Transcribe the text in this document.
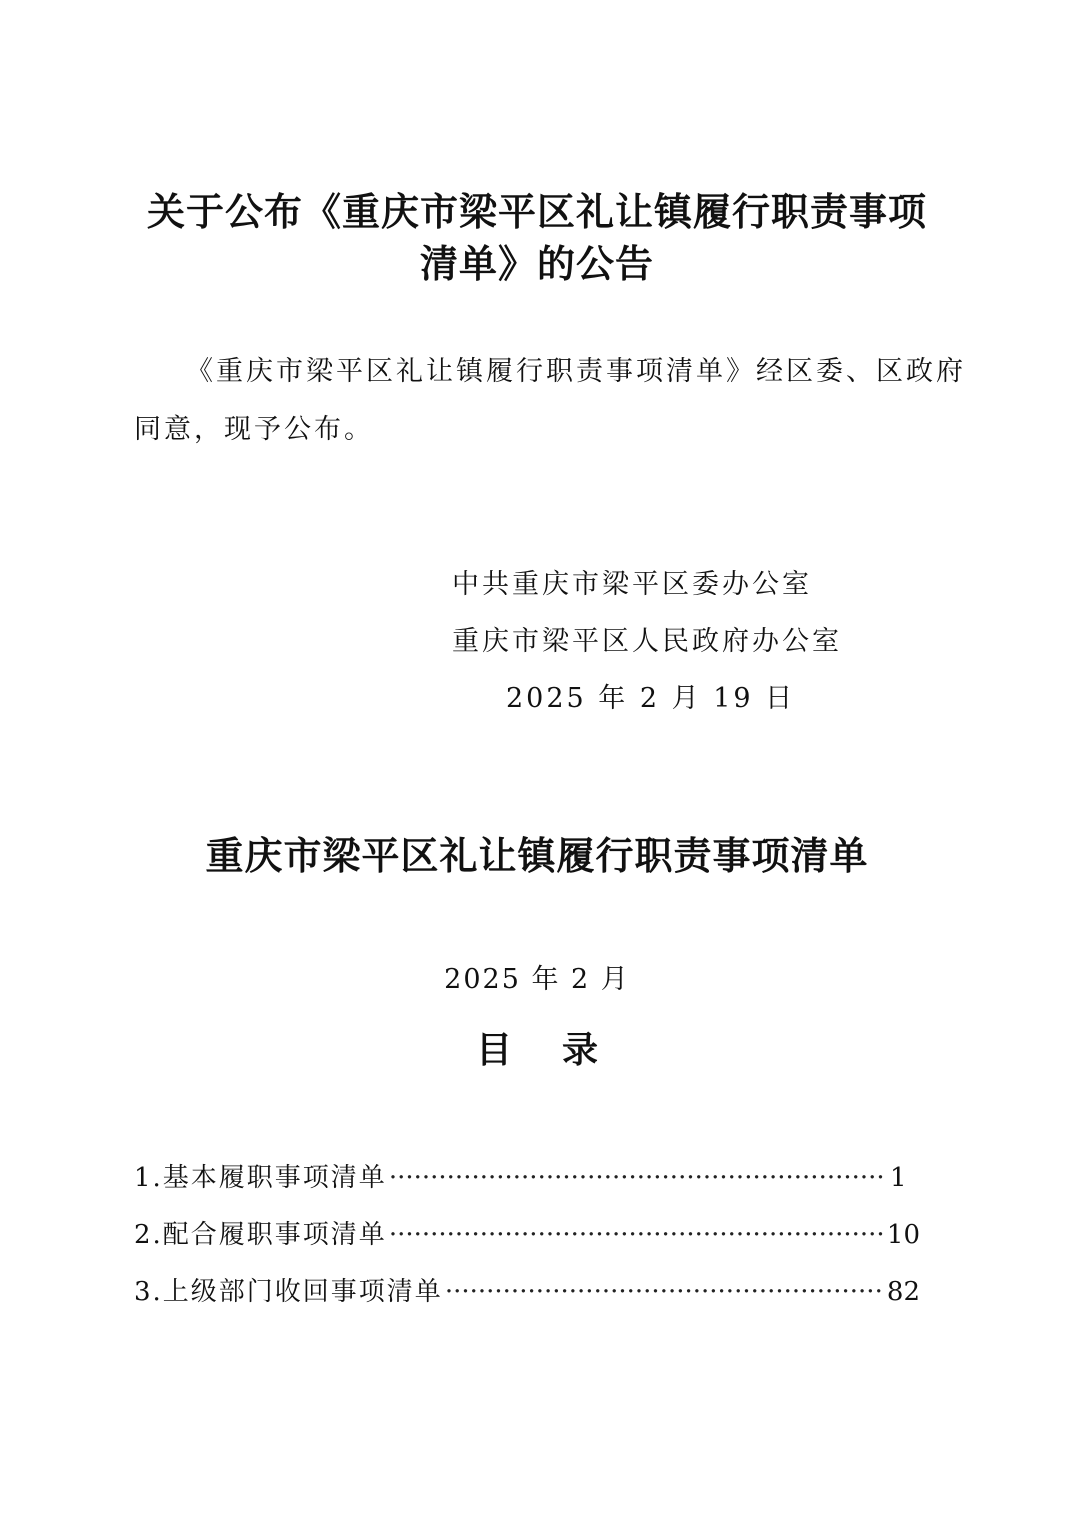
关于公布《重庆市梁平区礼让镇履行职责事项
清单》的公告
《重庆市梁平区礼让镇履行职责事项清单》经区委、区政府
同意，现予公布。
中共重庆市梁平区委办公室
重庆市梁平区人民政府办公室
2025 年 2 月 19 日
重庆市梁平区礼让镇履行职责事项清单
2025 年 2 月
目录
1.基本履职事项清单 ·····	1
2.配合履职事项清单 ·····	10
3.上级部门收回事项清单 ·····	82
